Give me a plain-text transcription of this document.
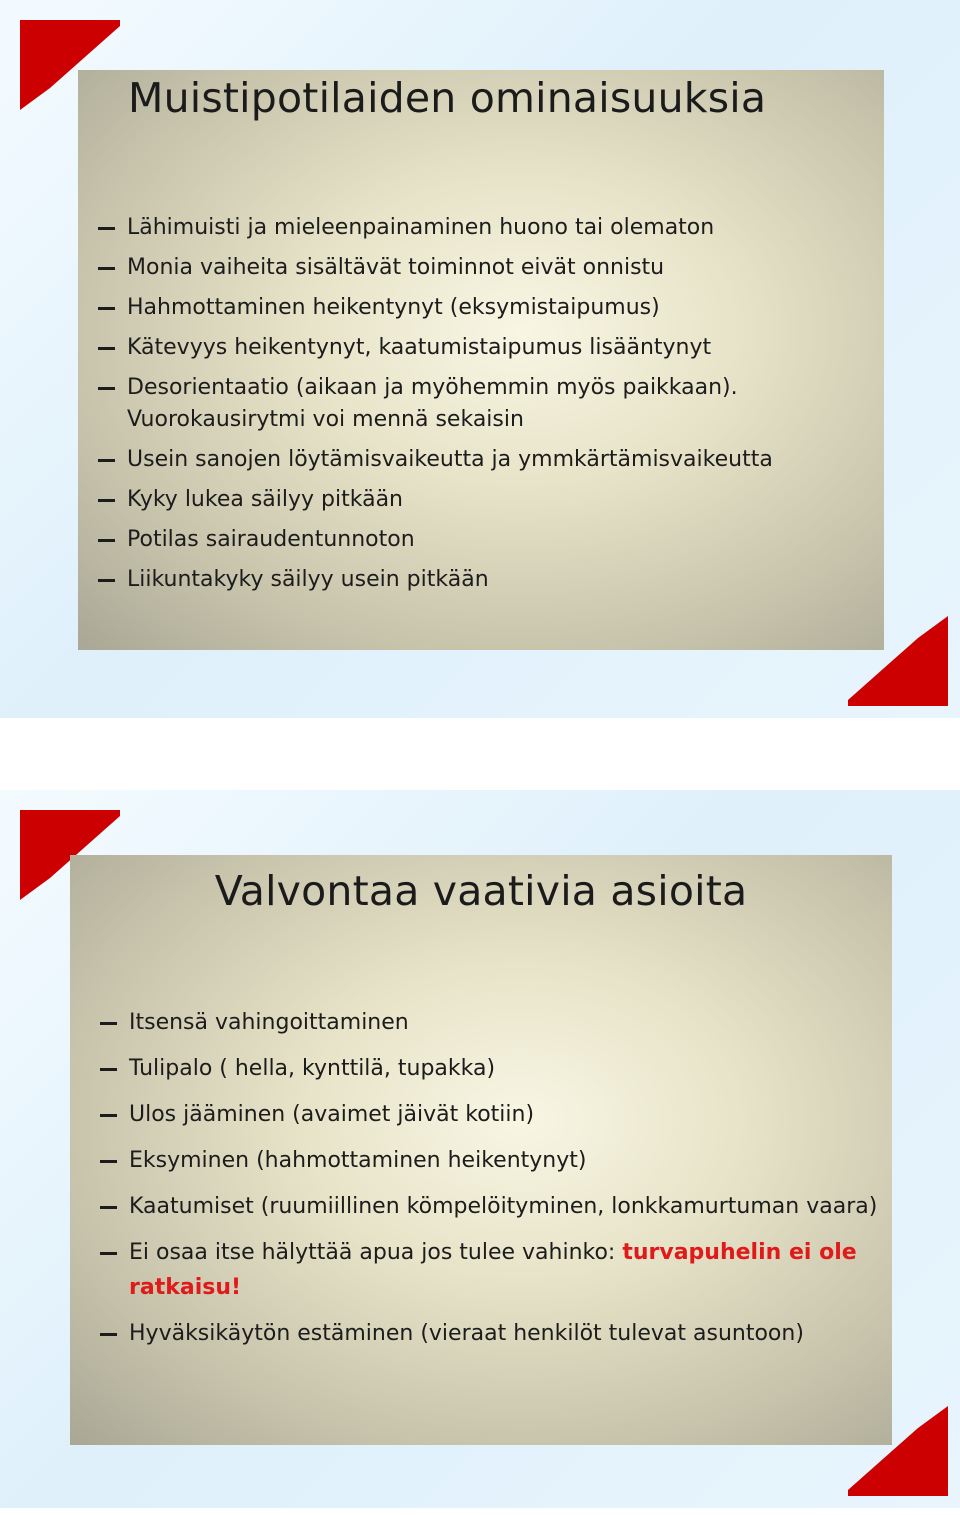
Muistipotilaiden ominaisuuksia
Lähimuisti ja mieleenpainaminen huono tai olematon
Monia vaiheita sisältävät toiminnot eivät onnistu
Hahmottaminen heikentynyt (eksymistaipumus)
Kätevyys heikentynyt, kaatumistaipumus lisääntynyt
Desorientaatio (aikaan ja myöhemmin myös paikkaan). Vuorokausirytmi voi mennä sekaisin
Usein sanojen löytämisvaikeutta ja ymmkärtämisvaikeutta
Kyky lukea säilyy pitkään
Potilas sairaudentunnoton
Liikuntakyky säilyy usein pitkään
Valvontaa vaativia asioita
Itsensä vahingoittaminen
Tulipalo ( hella, kynttilä, tupakka)
Ulos jääminen (avaimet jäivät kotiin)
Eksyminen (hahmottaminen heikentynyt)
Kaatumiset (ruumiillinen kömpelöityminen, lonkkamurtuman vaara)
Ei osaa itse hälyttää apua jos tulee vahinko: turvapuhelin ei ole ratkaisu!
Hyväksikäytön estäminen (vieraat henkilöt tulevat asuntoon)
